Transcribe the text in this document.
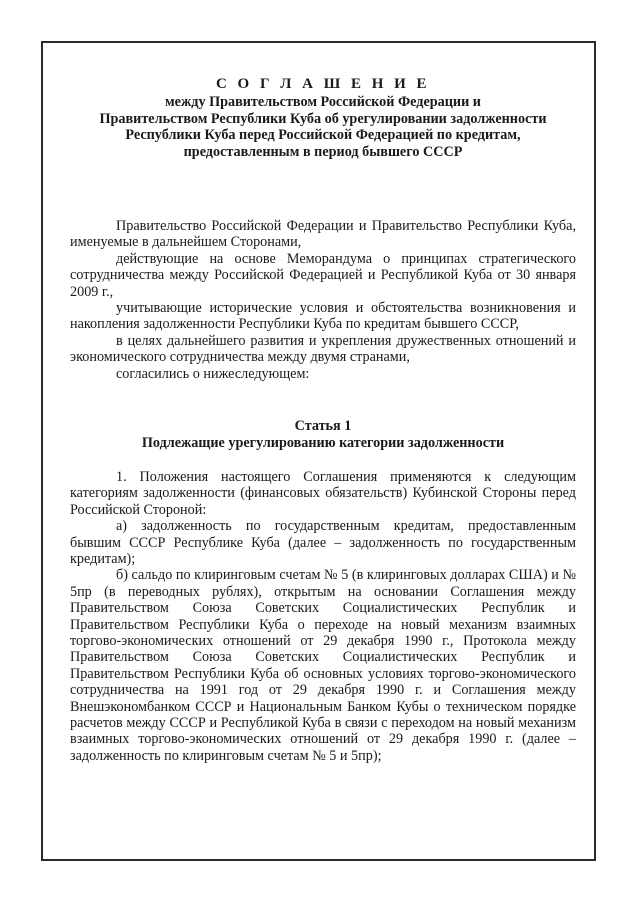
С О Г Л А Ш Е Н И Е
между Правительством Российской Федерации и
Правительством Республики Куба об урегулировании задолженности
Республики Куба перед Российской Федерацией по кредитам,
предоставленным в период бывшего СССР

Правительство Российской Федерации и Правительство Республики Куба, именуемые в дальнейшем Сторонами,

действующие на основе Меморандума о принципах стратегического сотрудничества между Российской Федерацией и Республикой Куба от 30 января 2009 г.,

учитывающие исторические условия и обстоятельства возникновения и накопления задолженности Республики Куба по кредитам бывшего СССР,

в целях дальнейшего развития и укрепления дружественных отношений и экономического сотрудничества между двумя странами,

согласились о нижеследующем:

Статья 1
Подлежащие урегулированию категории задолженности

1. Положения настоящего Соглашения применяются к следующим категориям задолженности (финансовых обязательств) Кубинской Стороны перед Российской Стороной:

а) задолженность по государственным кредитам, предоставленным бывшим СССР Республике Куба (далее – задолженность по государственным кредитам);

б) сальдо по клиринговым счетам № 5 (в клиринговых долларах США) и № 5пр (в переводных рублях), открытым на основании Соглашения между Правительством Союза Советских Социалистических Республик и Правительством Республики Куба о переходе на новый механизм взаимных торгово-экономических отношений от 29 декабря 1990 г., Протокола между Правительством Союза Советских Социалистических Республик и Правительством Республики Куба об основных условиях торгово-экономического сотрудничества на 1991 год от 29 декабря 1990 г. и Соглашения между Внешэкономбанком СССР и Национальным Банком Кубы о техническом порядке расчетов между СССР и Республикой Куба в связи с переходом на новый механизм взаимных торгово-экономических отношений от 29 декабря 1990 г. (далее – задолженность по клиринговым счетам № 5 и 5пр);
